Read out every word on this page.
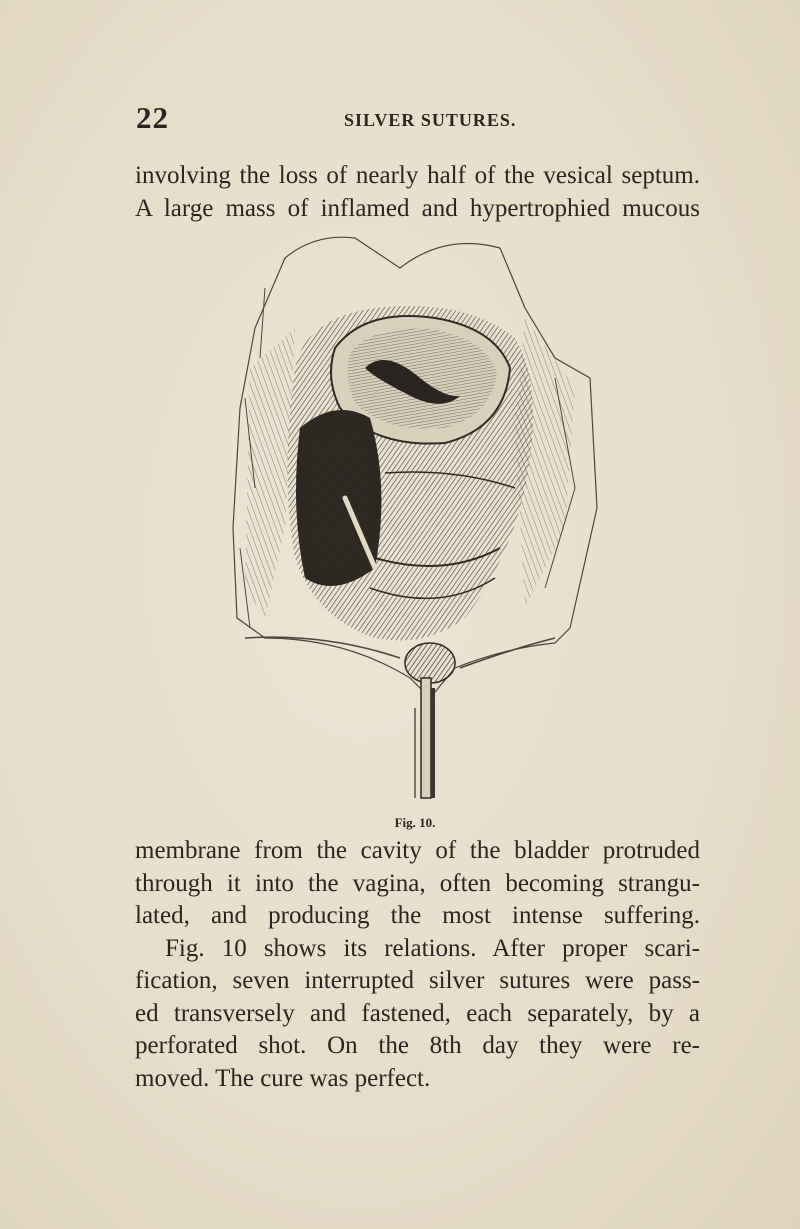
22	SILVER SUTURES.

involving the loss of nearly half of the vesical septum.
A large mass of inflamed and hypertrophied mucous

Fig. 10.

membrane from the cavity of the bladder protruded
through it into the vagina, often becoming strangu-
lated, and producing the most intense suffering.
Fig. 10 shows its relations. After proper scari-
fication, seven interrupted silver sutures were pass-
ed transversely and fastened, each separately, by a
perforated shot. On the 8th day they were re-
moved. The cure was perfect.
